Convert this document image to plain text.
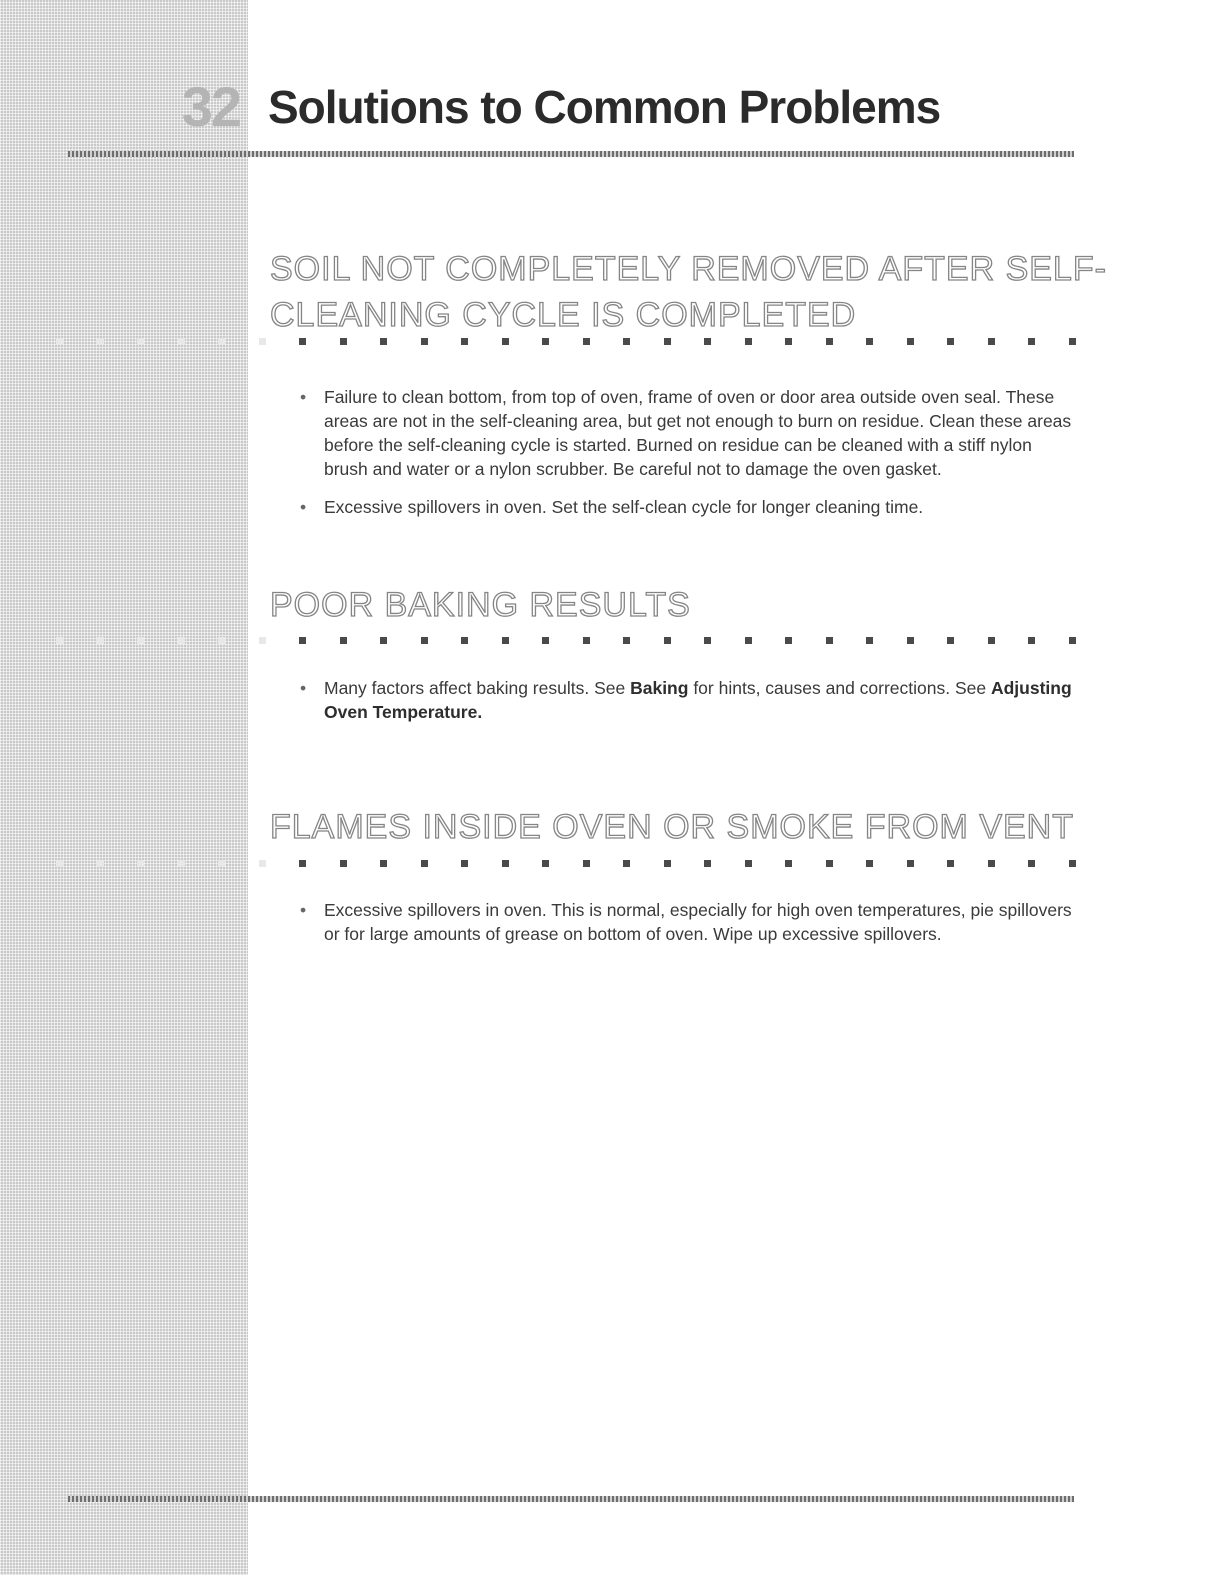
32 Solutions to Common Problems
SOIL NOT COMPLETELY REMOVED AFTER SELF-
CLEANING CYCLE IS COMPLETED
• Failure to clean bottom, from top of oven, frame of oven or door area outside oven seal. These areas are not in the self-cleaning area, but get not enough to burn on residue. Clean these areas before the self-cleaning cycle is started. Burned on residue can be cleaned with a stiff nylon brush and water or a nylon scrubber. Be careful not to damage the oven gasket.
• Excessive spillovers in oven. Set the self-clean cycle for longer cleaning time.
POOR BAKING RESULTS
• Many factors affect baking results. See Baking for hints, causes and corrections. See Adjusting Oven Temperature.
FLAMES INSIDE OVEN OR SMOKE FROM VENT
• Excessive spillovers in oven. This is normal, especially for high oven temperatures, pie spillovers or for large amounts of grease on bottom of oven. Wipe up excessive spillovers.
